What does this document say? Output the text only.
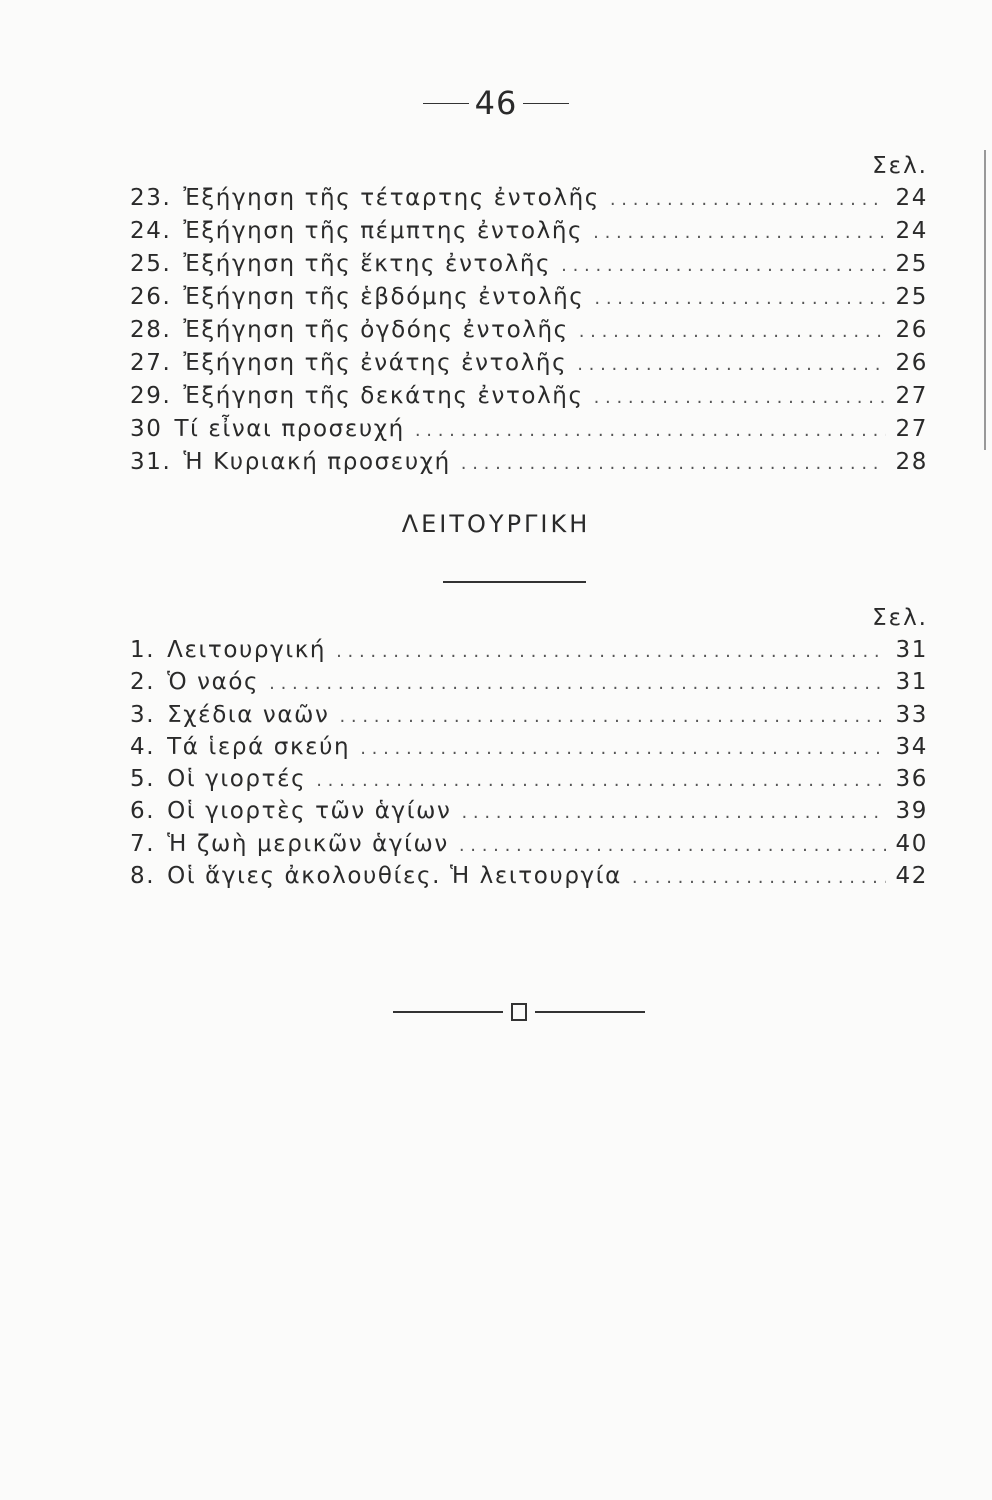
46
Σελ.
23. Ἐξήγηση τῆς τέταρτης ἐντολῆς . . .	24
24. Ἐξήγηση τῆς πέμπτης ἐντολῆς . . .	24
25. Ἐξήγηση τῆς ἕκτης ἐντολῆς . . .	25
26. Ἐξήγηση τῆς ἑβδόμης ἐντολῆς . . .	25
28. Ἐξήγηση τῆς ὀγδόης ἐντολῆς . . .	26
27. Ἐξήγηση τῆς ἐνάτης ἐντολῆς . . .	26
29. Ἐξήγηση τῆς δεκάτης ἐντολῆς . . .	27
30 Τί εἶναι προσευχή . . .	27
31. Ἡ Κυριακή προσευχή . . .	28
ΛΕΙΤΟΥΡΓΙΚΗ
Σελ.
1. Λειτουργική . . .	31
2. Ὁ ναός . . .	31
3. Σχέδια ναῶν . . .	33
4. Τά ἱερά σκεύη . . .	34
5. Οἱ γιορτές . . .	36
6. Οἱ γιορτὲς τῶν ἁγίων . . .	39
7. Ἡ ζωὴ μερικῶν ἁγίων . . .	40
8. Οἱ ἅγιες ἀκολουθίες. Ἡ λειτουργία . . .	42
